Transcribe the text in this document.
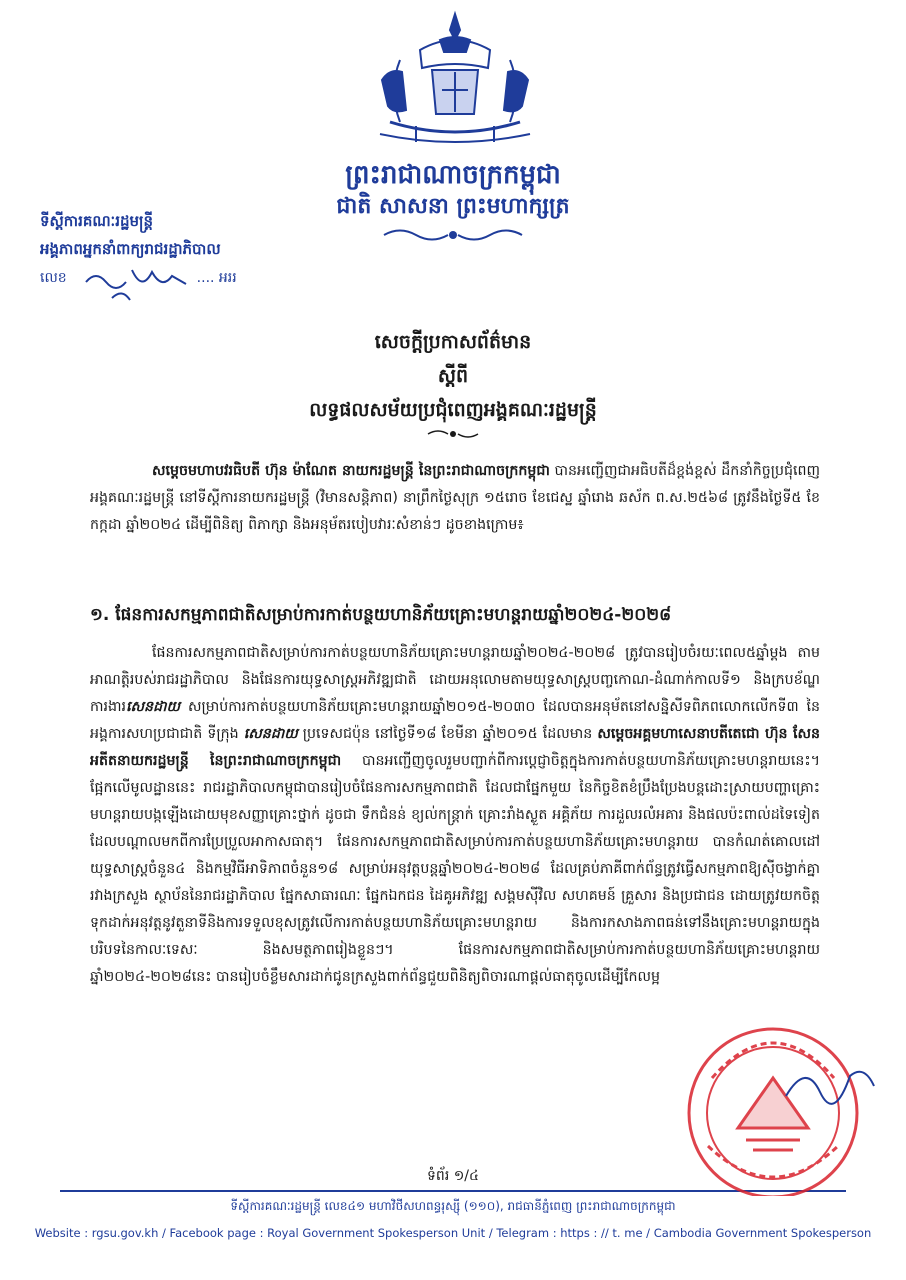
ព្រះរាជាណាចក្រកម្ពុជា
ជាតិ សាសនា ព្រះមហាក្សត្រ
ទីស្តីការគណៈរដ្ឋមន្ត្រី
អង្គភាពអ្នកនាំពាក្យរាជរដ្ឋាភិបាល
លេខ	.... អររ
សេចក្តីប្រកាសព័ត៌មាន
ស្តីពី
លទ្ធផលសម័យប្រជុំពេញអង្គគណៈរដ្ឋមន្ត្រី
សម្តេចមហាបវរធិបតី ហ៊ុន ម៉ាណែត នាយករដ្ឋមន្ត្រី នៃព្រះរាជាណាចក្រកម្ពុជា បានអញ្ជើញជាអធិបតីដ៏ខ្ពង់ខ្ពស់ ដឹកនាំកិច្ចប្រជុំពេញអង្គគណៈរដ្ឋមន្ត្រី នៅទីស្តីការនាយករដ្ឋមន្ត្រី (វិមានសន្តិភាព) នាព្រឹកថ្ងៃសុក្រ ១៥រោច ខែជេស្ឋ ឆ្នាំរោង ឆស័ក ព.ស.២៥៦៨ ត្រូវនឹងថ្ងៃទី៥ ខែកក្កដា ឆ្នាំ២០២៤ ដើម្បីពិនិត្យ ពិភាក្សា និងអនុម័តរបៀបវារៈសំខាន់ៗ ដូចខាងក្រោម៖
១. ផែនការសកម្មភាពជាតិសម្រាប់ការកាត់បន្ថយហានិភ័យគ្រោះមហន្តរាយឆ្នាំ២០២៤-២០២៨
ផែនការសកម្មភាពជាតិសម្រាប់ការកាត់បន្ថយហានិភ័យគ្រោះមហន្តរាយឆ្នាំ២០២៤-២០២៨ ត្រូវបានរៀបចំរយៈពេល៥ឆ្នាំម្តង តាមអាណត្តិរបស់រាជរដ្ឋាភិបាល និងផែនការយុទ្ធសាស្ត្រអភិវឌ្ឍជាតិ ដោយអនុលោមតាមយុទ្ធសាស្ត្របញ្ចកោណ-ដំណាក់កាលទី១ និងក្របខ័ណ្ឌការងារសេនដាយ សម្រាប់ការកាត់បន្ថយហានិភ័យគ្រោះមហន្តរាយឆ្នាំ២០១៥-២០៣០ ដែលបានអនុម័តនៅសន្និសីទពិភពលោកលើកទី៣ នៃអង្គការសហប្រជាជាតិ ទីក្រុង សេនដាយ ប្រទេសជប៉ុន នៅថ្ងៃទី១៨ ខែមីនា ឆ្នាំ២០១៥ ដែលមាន សម្តេចអគ្គមហាសេនាបតីតេជោ ហ៊ុន សែន អតីតនាយករដ្ឋមន្ត្រី នៃព្រះរាជាណាចក្រកម្ពុជា បានអញ្ជើញចូលរួមបញ្ជាក់ពីការប្តេជ្ញាចិត្តក្នុងការកាត់បន្ថយហានិភ័យគ្រោះមហន្តរាយនេះ។ ផ្អែកលើមូលដ្ឋាននេះ រាជរដ្ឋាភិបាលកម្ពុជាបានរៀបចំផែនការសកម្មភាពជាតិ ដែលជាផ្នែកមួយ នៃកិច្ចខិតខំប្រឹងប្រែងបន្តដោះស្រាយបញ្ហាគ្រោះមហន្តរាយបង្កឡើងដោយមុខសញ្ញាគ្រោះថ្នាក់ ដូចជា ទឹកជំនន់ ខ្យល់កន្ត្រាក់ គ្រោះរាំងស្ងួត អគ្គិភ័យ ការដួលរលំអគារ និងផលប៉ះពាល់ដទៃទៀតដែលបណ្តាលមកពីការប្រែប្រួលអាកាសធាតុ។ ផែនការសកម្មភាពជាតិសម្រាប់ការកាត់បន្ថយហានិភ័យគ្រោះមហន្តរាយ បានកំណត់គោលដៅយុទ្ធសាស្ត្រចំនួន៤ និងកម្មវិធីអាទិភាពចំនួន១៨ សម្រាប់អនុវត្តបន្តឆ្នាំ២០២៤-២០២៨ ដែលគ្រប់ភាគីពាក់ព័ន្ធត្រូវធ្វើសកម្មភាពឱ្យស៊ីចង្វាក់គ្នារវាងក្រសួង ស្ថាប័ននៃរាជរដ្ឋាភិបាល ផ្នែកសាធារណៈ ផ្នែកឯកជន ដៃគូអភិវឌ្ឍ សង្គមស៊ីវិល សហគមន៍ គ្រួសារ និងប្រជាជន ដោយត្រូវយកចិត្តទុកដាក់អនុវត្តនូវតួនាទីនិងការទទួលខុសត្រូវលើការកាត់បន្ថយហានិភ័យគ្រោះមហន្តរាយ និងការកសាងភាពធន់ទៅនឹងគ្រោះមហន្តរាយក្នុងបរិបទនៃកាលៈទេសៈ និងសមត្ថភាពរៀងខ្លួនៗ។ ផែនការសកម្មភាពជាតិសម្រាប់ការកាត់បន្ថយហានិភ័យគ្រោះមហន្តរាយឆ្នាំ២០២៤-២០២៨នេះ បានរៀបចំខ្លឹមសារដាក់ជូនក្រសួងពាក់ព័ន្ធជួយពិនិត្យពិចារណាផ្តល់ធាតុចូលដើម្បីកែលម្អ
ទំព័រ ១/៤
ទីស្តីការគណៈរដ្ឋមន្ត្រី លេខ៤១ មហាវិថីសហពន្ធរុស្ស៊ី (១១០), រាជធានីភ្នំពេញ ព្រះរាជាណាចក្រកម្ពុជា
Website : rgsu.gov.kh / Facebook page : Royal Government Spokesperson Unit / Telegram : https : // t. me / Cambodia Government Spokesperson
